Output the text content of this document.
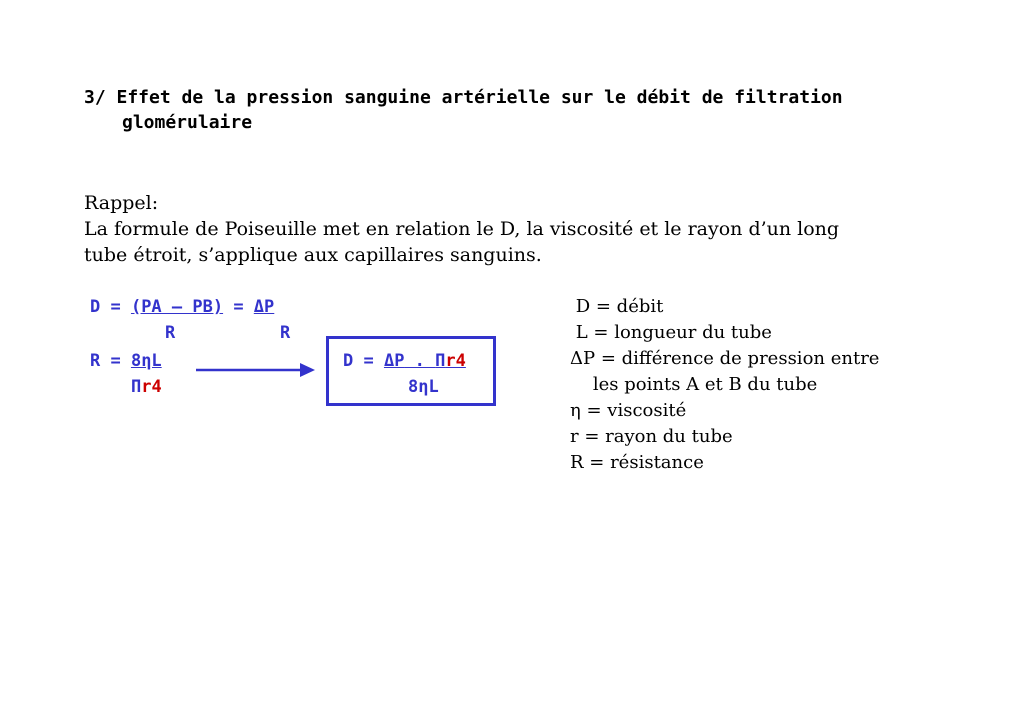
3/ Effet de la pression sanguine artérielle sur le débit de filtration
glomérulaire
Rappel:
La formule de Poiseuille met en relation le D, la viscosité et le rayon d’un long
tube étroit, s’applique aux capillaires sanguins.
D = (PA – PB) = ΔP
R	R
R = 8ηL
Πr4
D = ΔP . Πr4
8ηL
D = débit
L = longueur du tube
ΔP = différence de pression entre
les points A et B du tube
η = viscosité
r = rayon du tube
R = résistance
